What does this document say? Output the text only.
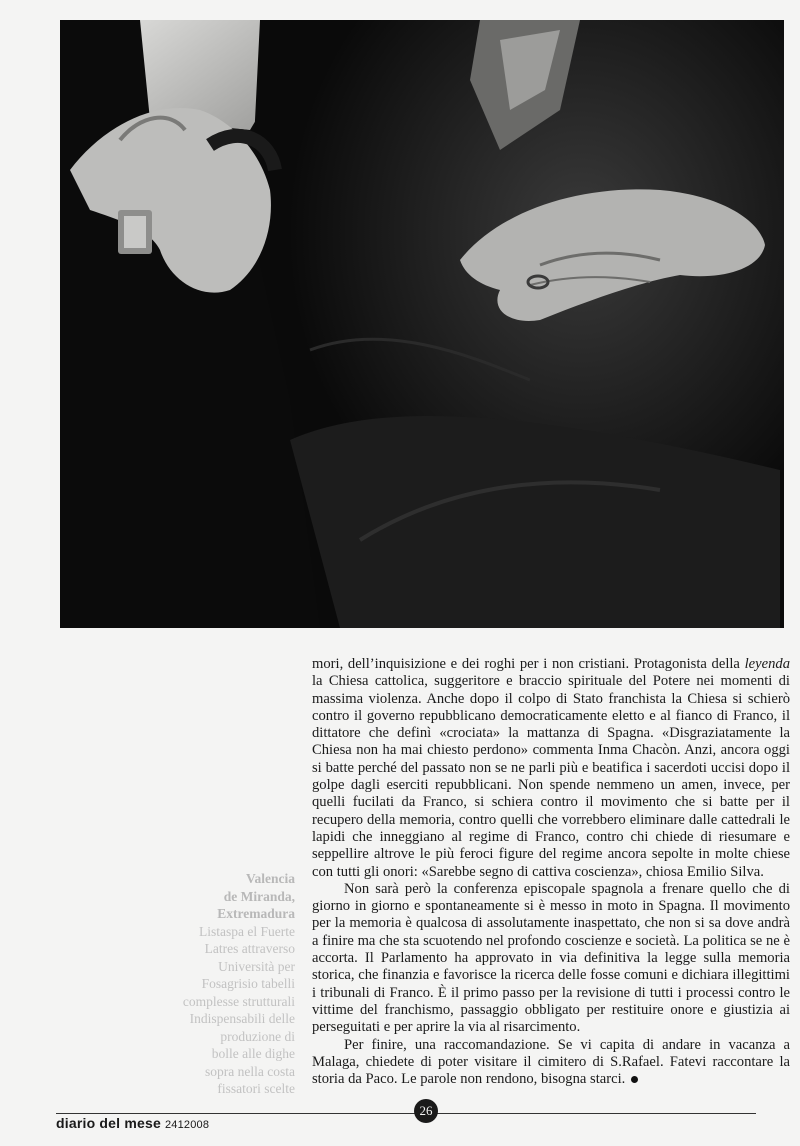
Valencia
de Miranda,
Extremadura
Listaspa el Fuerte
Latres attraverso
Università per
Fosagrisio tabelli
complesse strutturali
Indispensabili delle
produzione di
bolle alle dighe
sopra nella costa
fissatori scelte

mori, dell’inquisizione e dei roghi per i non cristiani. Protagonista della leyenda la Chiesa cattolica, suggeritore e braccio spirituale del Potere nei momenti di massima violenza. Anche dopo il colpo di Stato franchista la Chiesa si schierò contro il governo repubblicano democraticamente eletto e al fianco di Franco, il dittatore che definì «crociata» la mattanza di Spagna. «Disgraziatamente la Chiesa non ha mai chiesto perdono» commenta Inma Chacòn. Anzi, ancora oggi si batte perché del passato non se ne parli più e beatifica i sacerdoti uccisi dopo il golpe dagli eserciti repubblicani. Non spende nemmeno un amen, invece, per quelli fucilati da Franco, si schiera contro il movimento che si batte per il recupero della memoria, contro quelli che vorrebbero eliminare dalle cattedrali le lapidi che inneggiano al regime di Franco, contro chi chiede di riesumare e seppellire altrove le più feroci figure del regime ancora sepolte in molte chiese con tutti gli onori: «Sarebbe segno di cattiva coscienza», chiosa Emilio Silva.

Non sarà però la conferenza episcopale spagnola a frenare quello che di giorno in giorno e spontaneamente si è messo in moto in Spagna. Il movimento per la memoria è qualcosa di assolutamente inaspettato, che non si sa dove andrà a finire ma che sta scuotendo nel profondo coscienze e società. La politica se ne è accorta. Il Parlamento ha approvato in via definitiva la legge sulla memoria storica, che finanzia e favorisce la ricerca delle fosse comuni e dichiara illegittimi i tribunali di Franco. È il primo passo per la revisione di tutti i processi contro le vittime del franchismo, passaggio obbligato per restituire onore e giustizia ai perseguitati e per aprire la via al risarcimento.

Per finire, una raccomandazione. Se vi capita di andare in vacanza a Malaga, chiedete di poter visitare il cimitero di S.Rafael. Fatevi raccontare la storia da Paco. Le parole non rendono, bisogna starci.

diario del mese 2412008
26
